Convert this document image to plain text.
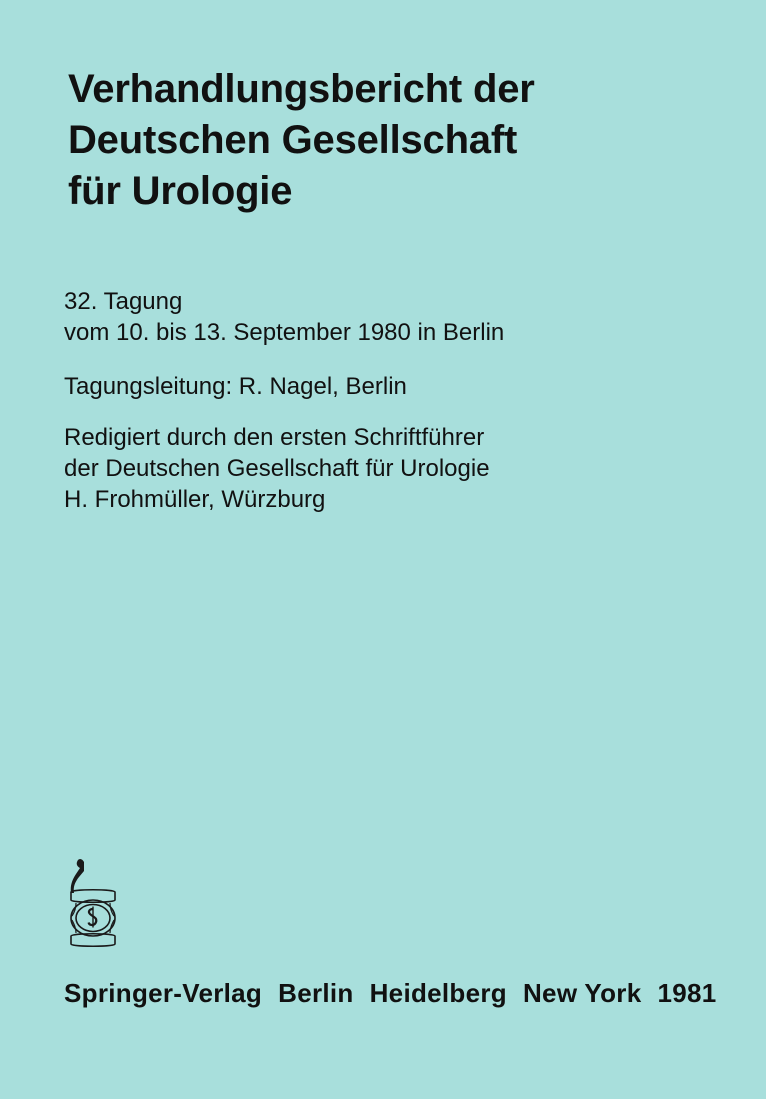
Verhandlungsbericht der
Deutschen Gesellschaft
für Urologie
32. Tagung
vom 10. bis 13. September 1980 in Berlin
Tagungsleitung: R. Nagel, Berlin
Redigiert durch den ersten Schriftführer
der Deutschen Gesellschaft für Urologie
H. Frohmüller, Würzburg
Springer-Verlag Berlin Heidelberg New York 1981
